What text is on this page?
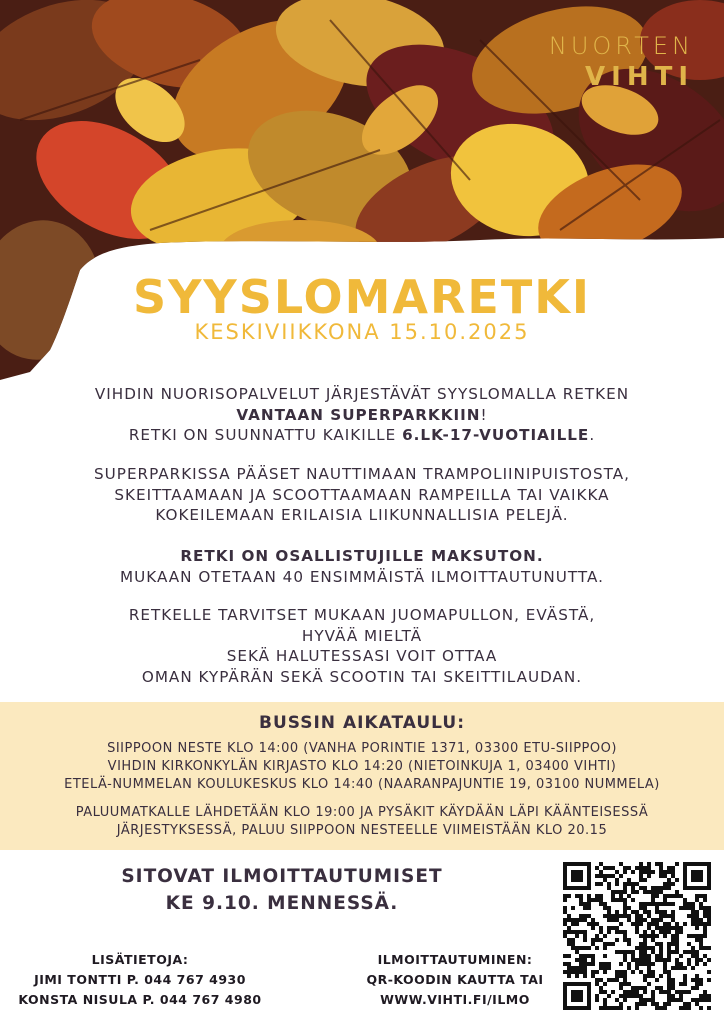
NUORTEN
VIHTI
SYYSLOMARETKI
KESKIVIIKKONA 15.10.2025
VIHDIN NUORISOPALVELUT JÄRJESTÄVÄT SYYSLOMALLA RETKEN
VANTAAN SUPERPARKKIIN!
RETKI ON SUUNNATTU KAIKILLE 6.LK-17-VUOTIAILLE.
SUPERPARKISSA PÄÄSET NAUTTIMAAN TRAMPOLIINIPUISTOSTA,
SKEITTAAMAAN JA SCOOTTAAMAAN RAMPEILLA TAI VAIKKA
KOKEILEMAAN ERILAISIA LIIKUNNALLISIA PELEJÄ.
RETKI ON OSALLISTUJILLE MAKSUTON.
MUKAAN OTETAAN 40 ENSIMMÄISTÄ ILMOITTAUTUNUTTA.
RETKELLE TARVITSET MUKAAN JUOMAPULLON, EVÄSTÄ,
HYVÄÄ MIELTÄ
SEKÄ HALUTESSASI VOIT OTTAA
OMAN KYPÄRÄN SEKÄ SCOOTIN TAI SKEITTILAUDAN.
BUSSIN AIKATAULU:
SIIPPOON NESTE KLO 14:00 (VANHA PORINTIE 1371, 03300 ETU-SIIPPOO)
VIHDIN KIRKONKYLÄN KIRJASTO KLO 14:20 (NIETOINKUJA 1, 03400 VIHTI)
ETELÄ-NUMMELAN KOULUKESKUS KLO 14:40 (NAARANPAJUNTIE 19, 03100 NUMMELA)
PALUUMATKALLE LÄHDETÄÄN KLO 19:00 JA PYSÄKIT KÄYDÄÄN LÄPI KÄÄNTEISESSÄ
JÄRJESTYKSESSÄ, PALUU SIIPPOON NESTEELLE VIIMEISTÄÄN KLO 20.15
SITOVAT ILMOITTAUTUMISET
KE 9.10. MENNESSÄ.
LISÄTIETOJA:
JIMI TONTTI P. 044 767 4930
KONSTA NISULA P. 044 767 4980
ILMOITTAUTUMINEN:
QR-KOODIN KAUTTA TAI
WWW.VIHTI.FI/ILMO
